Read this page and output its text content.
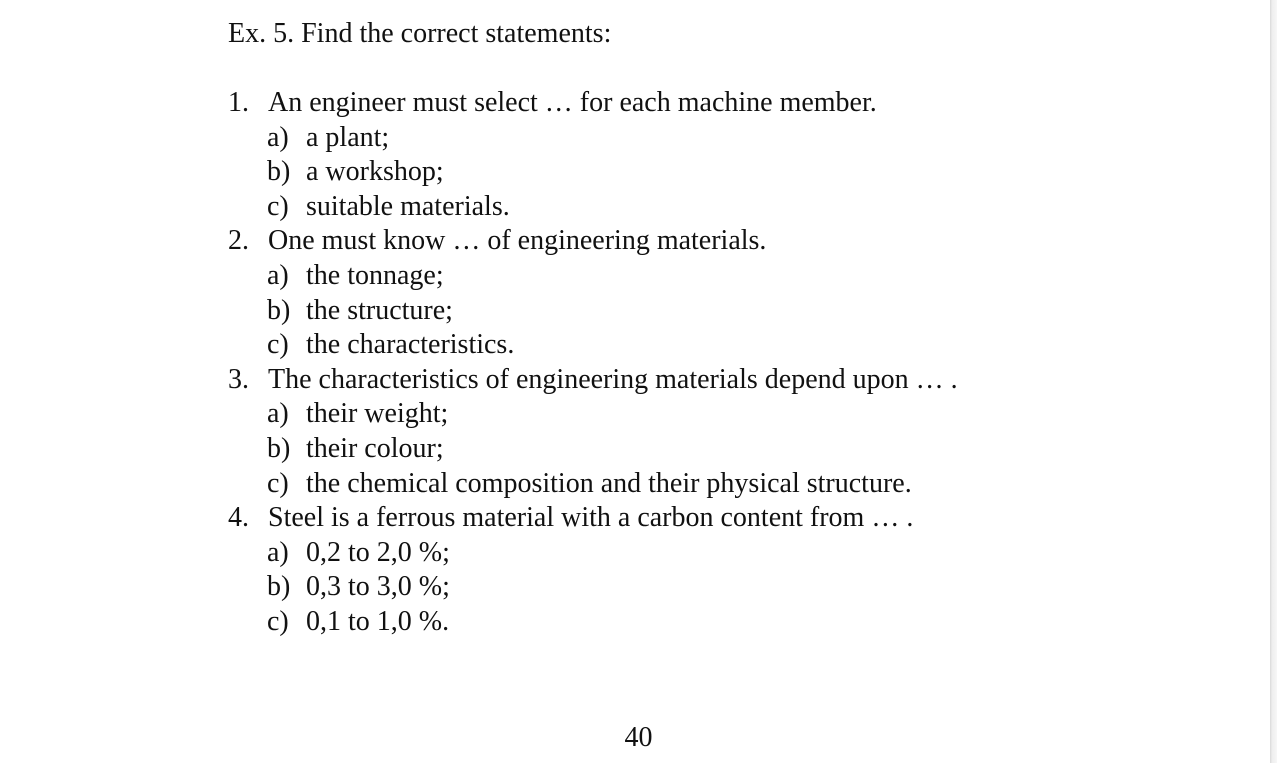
Ex. 5. Find the correct statements:
1. An engineer must select … for each machine member.
a) a plant;
b) a workshop;
c) suitable materials.
2. One must know … of engineering materials.
a) the tonnage;
b) the structure;
c) the characteristics.
3. The characteristics of engineering materials depend upon … .
a) their weight;
b) their colour;
c) the chemical composition and their physical structure.
4. Steel is a ferrous material with a carbon content from … .
a) 0,2 to 2,0 %;
b) 0,3 to 3,0 %;
c) 0,1 to 1,0 %.
40
